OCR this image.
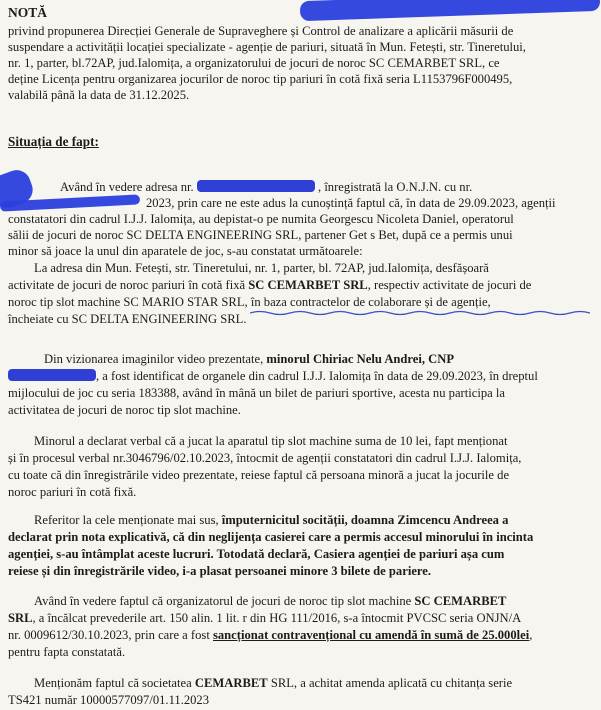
NOTĂ
privind propunerea Direcției Generale de Supraveghere și Control de analizare a aplicării măsurii de
suspendare a activității locației specializate - agenție de pariuri, situată în Mun. Fetești, str. Tineretului,
nr. 1, parter, bl.72AP, jud.Ialomița, a organizatorului de jocuri de noroc SC CEMARBET SRL, ce
deține Licența pentru organizarea jocurilor de noroc tip pariuri în cotă fixă seria L1153796F000495,
valabilă până la data de 31.12.2025.
Situația de fapt:
Având în vedere adresa nr.	, înregistrată la O.N.J.N. cu nr.
2023, prin care ne este adus la cunoștință faptul că, în data de 29.09.2023, agenții
constatatori din cadrul I.J.J. Ialomița, au depistat-o pe numita Georgescu Nicoleta Daniel, operatorul
sălii de jocuri de noroc SC DELTA ENGINEERING SRL, partener Get s Bet, după ce a permis unui
minor să joace la unul din aparatele de joc, s-au constatat următoarele:
La adresa din Mun. Fetești, str. Tineretului, nr. 1, parter, bl. 72AP, jud.Ialomița, desfășoară
activitate de jocuri de noroc pariuri în cotă fixă SC CEMARBET SRL, respectiv activitate de jocuri de
noroc tip slot machine SC MARIO STAR SRL, în baza contractelor de colaborare și de agenție,
încheiate cu SC DELTA ENGINEERING SRL.
Din vizionarea imaginilor video prezentate, minorul Chiriac Nelu Andrei, CNP
, a fost identificat de organele din cadrul I.J.J. Ialomița în data de 29.09.2023, în dreptul
mijlocului de joc cu seria 183388, având în mână un bilet de pariuri sportive, acesta nu participa la
activitatea de jocuri de noroc tip slot machine.
Minorul a declarat verbal că a jucat la aparatul tip slot machine suma de 10 lei, fapt menționat
și în procesul verbal nr.3046796/02.10.2023, întocmit de agenții constatatori din cadrul I.J.J. Ialomița,
cu toate că din înregistrările video prezentate, reiese faptul că persoana minoră a jucat la jocurile de
noroc pariuri în cotă fixă.
Referitor la cele menționate mai sus, împuternicitul socității, doamna Zimcencu Andreea a
declarat prin nota explicativă, că din neglijența casierei care a permis accesul minorului în incinta
agenției, s-au întâmplat aceste lucruri. Totodată declară, Casiera agenției de pariuri așa cum
reiese și din înregistrările video, i-a plasat persoanei minore 3 bilete de pariere.
Având în vedere faptul că organizatorul de jocuri de noroc tip slot machine SC CEMARBET
SRL, a încălcat prevederile art. 150 alin. 1 lit. r din HG 111/2016, s-a întocmit PVCSC seria ONJN/A
nr. 0009612/30.10.2023, prin care a fost sancționat contravențional cu amendă în sumă de 25.000lei,
pentru fapta constatată.
Menționăm faptul că societatea CEMARBET SRL, a achitat amenda aplicată cu chitanța serie
TS421 număr 10000577097/01.11.2023
